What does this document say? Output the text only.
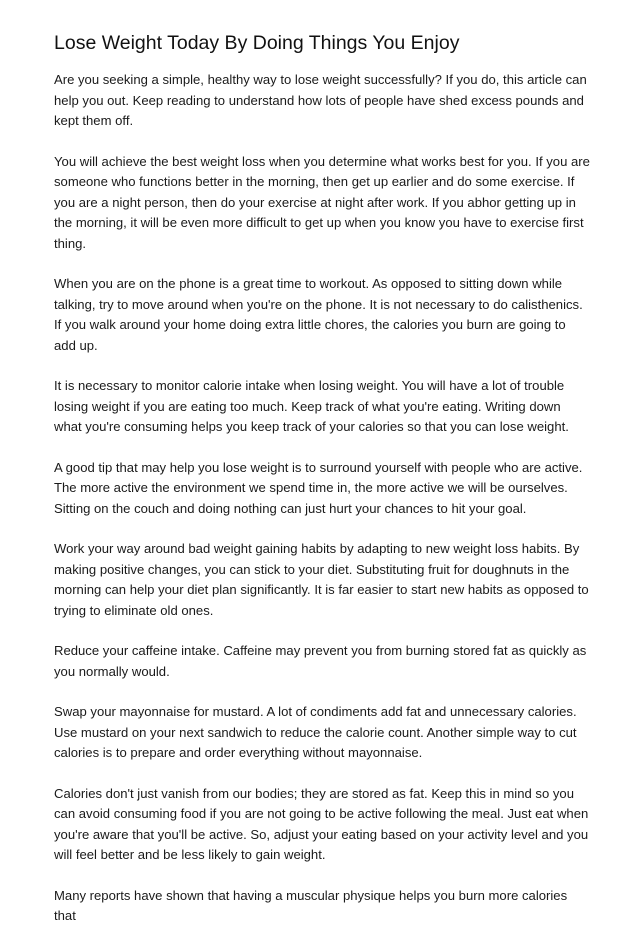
Lose Weight Today By Doing Things You Enjoy

Are you seeking a simple, healthy way to lose weight successfully? If you do, this article can help you out. Keep reading to understand how lots of people have shed excess pounds and kept them off.

You will achieve the best weight loss when you determine what works best for you. If you are someone who functions better in the morning, then get up earlier and do some exercise. If you are a night person, then do your exercise at night after work. If you abhor getting up in the morning, it will be even more difficult to get up when you know you have to exercise first thing.

When you are on the phone is a great time to workout. As opposed to sitting down while talking, try to move around when you're on the phone. It is not necessary to do calisthenics. If you walk around your home doing extra little chores, the calories you burn are going to add up.

It is necessary to monitor calorie intake when losing weight. You will have a lot of trouble losing weight if you are eating too much. Keep track of what you're eating. Writing down what you're consuming helps you keep track of your calories so that you can lose weight.

A good tip that may help you lose weight is to surround yourself with people who are active. The more active the environment we spend time in, the more active we will be ourselves. Sitting on the couch and doing nothing can just hurt your chances to hit your goal.

Work your way around bad weight gaining habits by adapting to new weight loss habits. By making positive changes, you can stick to your diet. Substituting fruit for doughnuts in the morning can help your diet plan significantly. It is far easier to start new habits as opposed to trying to eliminate old ones.

Reduce your caffeine intake. Caffeine may prevent you from burning stored fat as quickly as you normally would.

Swap your mayonnaise for mustard. A lot of condiments add fat and unnecessary calories. Use mustard on your next sandwich to reduce the calorie count. Another simple way to cut calories is to prepare and order everything without mayonnaise.

Calories don't just vanish from our bodies; they are stored as fat. Keep this in mind so you can avoid consuming food if you are not going to be active following the meal. Just eat when you're aware that you'll be active. So, adjust your eating based on your activity level and you will feel better and be less likely to gain weight.

Many reports have shown that having a muscular physique helps you burn more calories that
